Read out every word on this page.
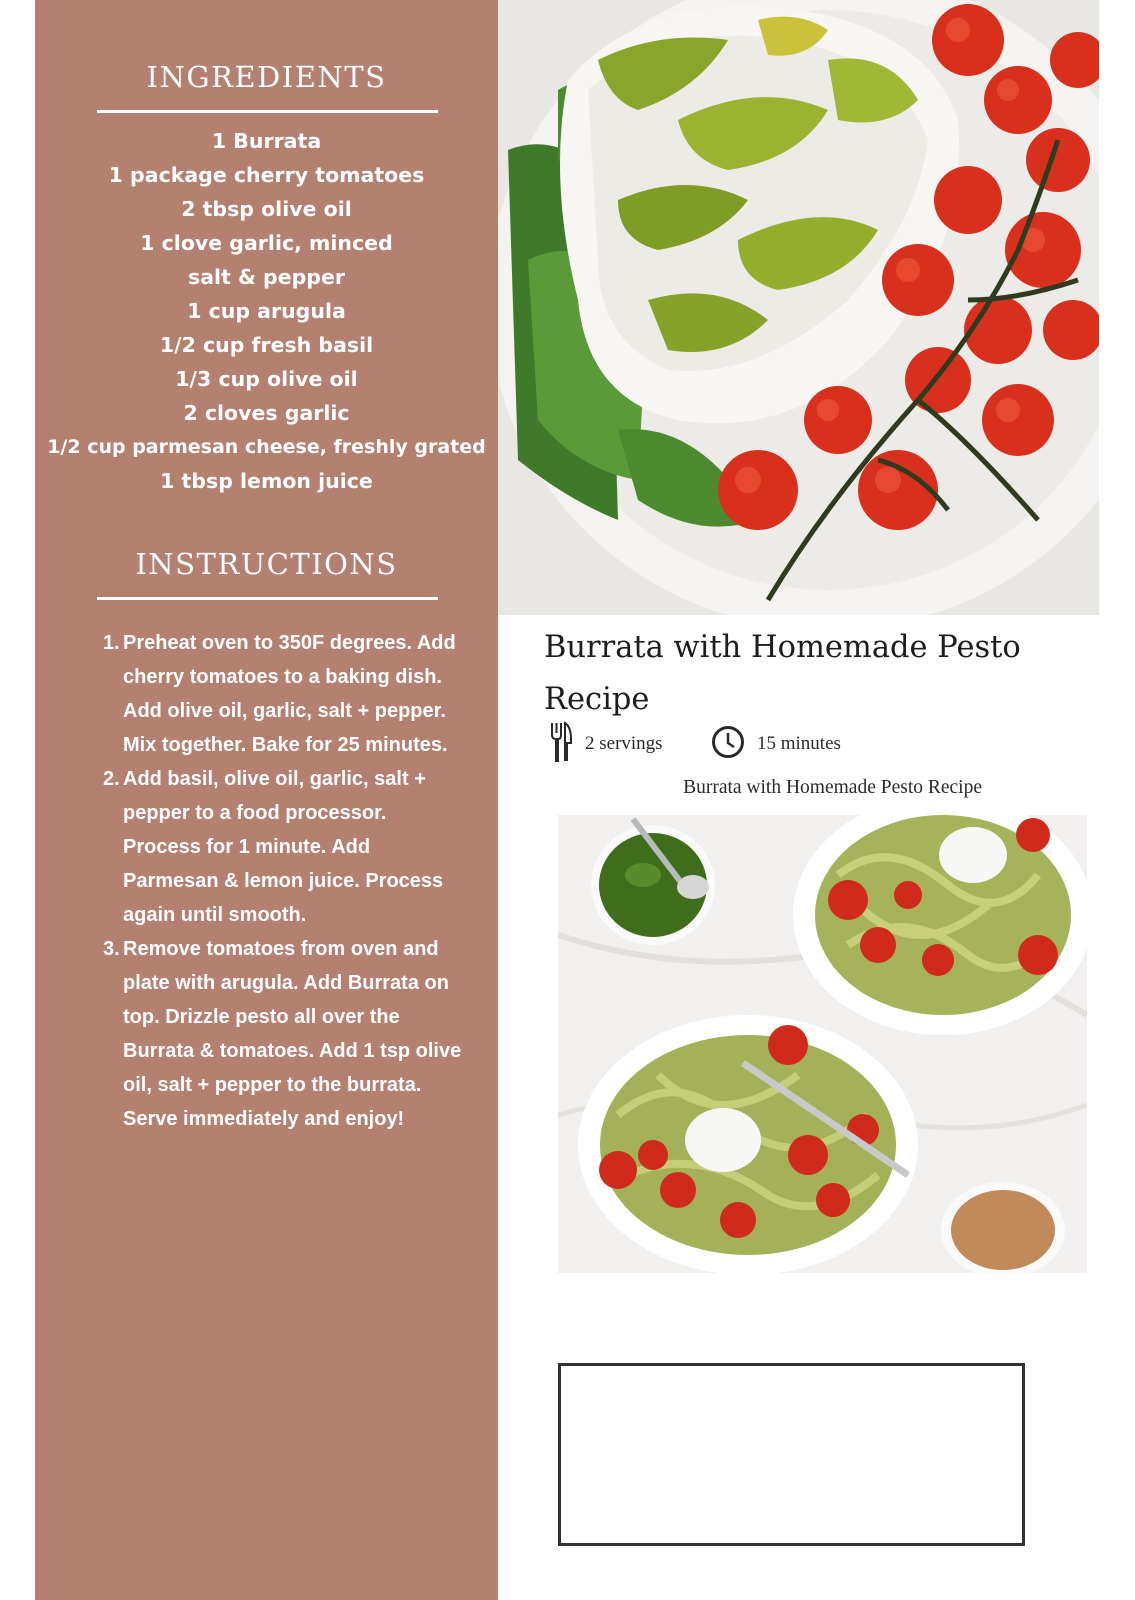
INGREDIENTS
1 Burrata
1 package cherry tomatoes
2 tbsp olive oil
1 clove garlic, minced
salt & pepper
1 cup arugula
1/2 cup fresh basil
1/3 cup olive oil
2 cloves garlic
1/2 cup parmesan cheese, freshly grated
1 tbsp lemon juice
INSTRUCTIONS
1. Preheat oven to 350F degrees. Add cherry tomatoes to a baking dish. Add olive oil, garlic, salt + pepper. Mix together. Bake for 25 minutes.
2. Add basil, olive oil, garlic, salt + pepper to a food processor. Process for 1 minute. Add Parmesan & lemon juice. Process again until smooth.
3. Remove tomatoes from oven and plate with arugula. Add Burrata on top. Drizzle pesto all over the Burrata & tomatoes. Add 1 tsp olive oil, salt + pepper to the burrata. Serve immediately and enjoy!
Burrata with Homemade Pesto Recipe
2 servings	15 minutes
Burrata with Homemade Pesto Recipe
